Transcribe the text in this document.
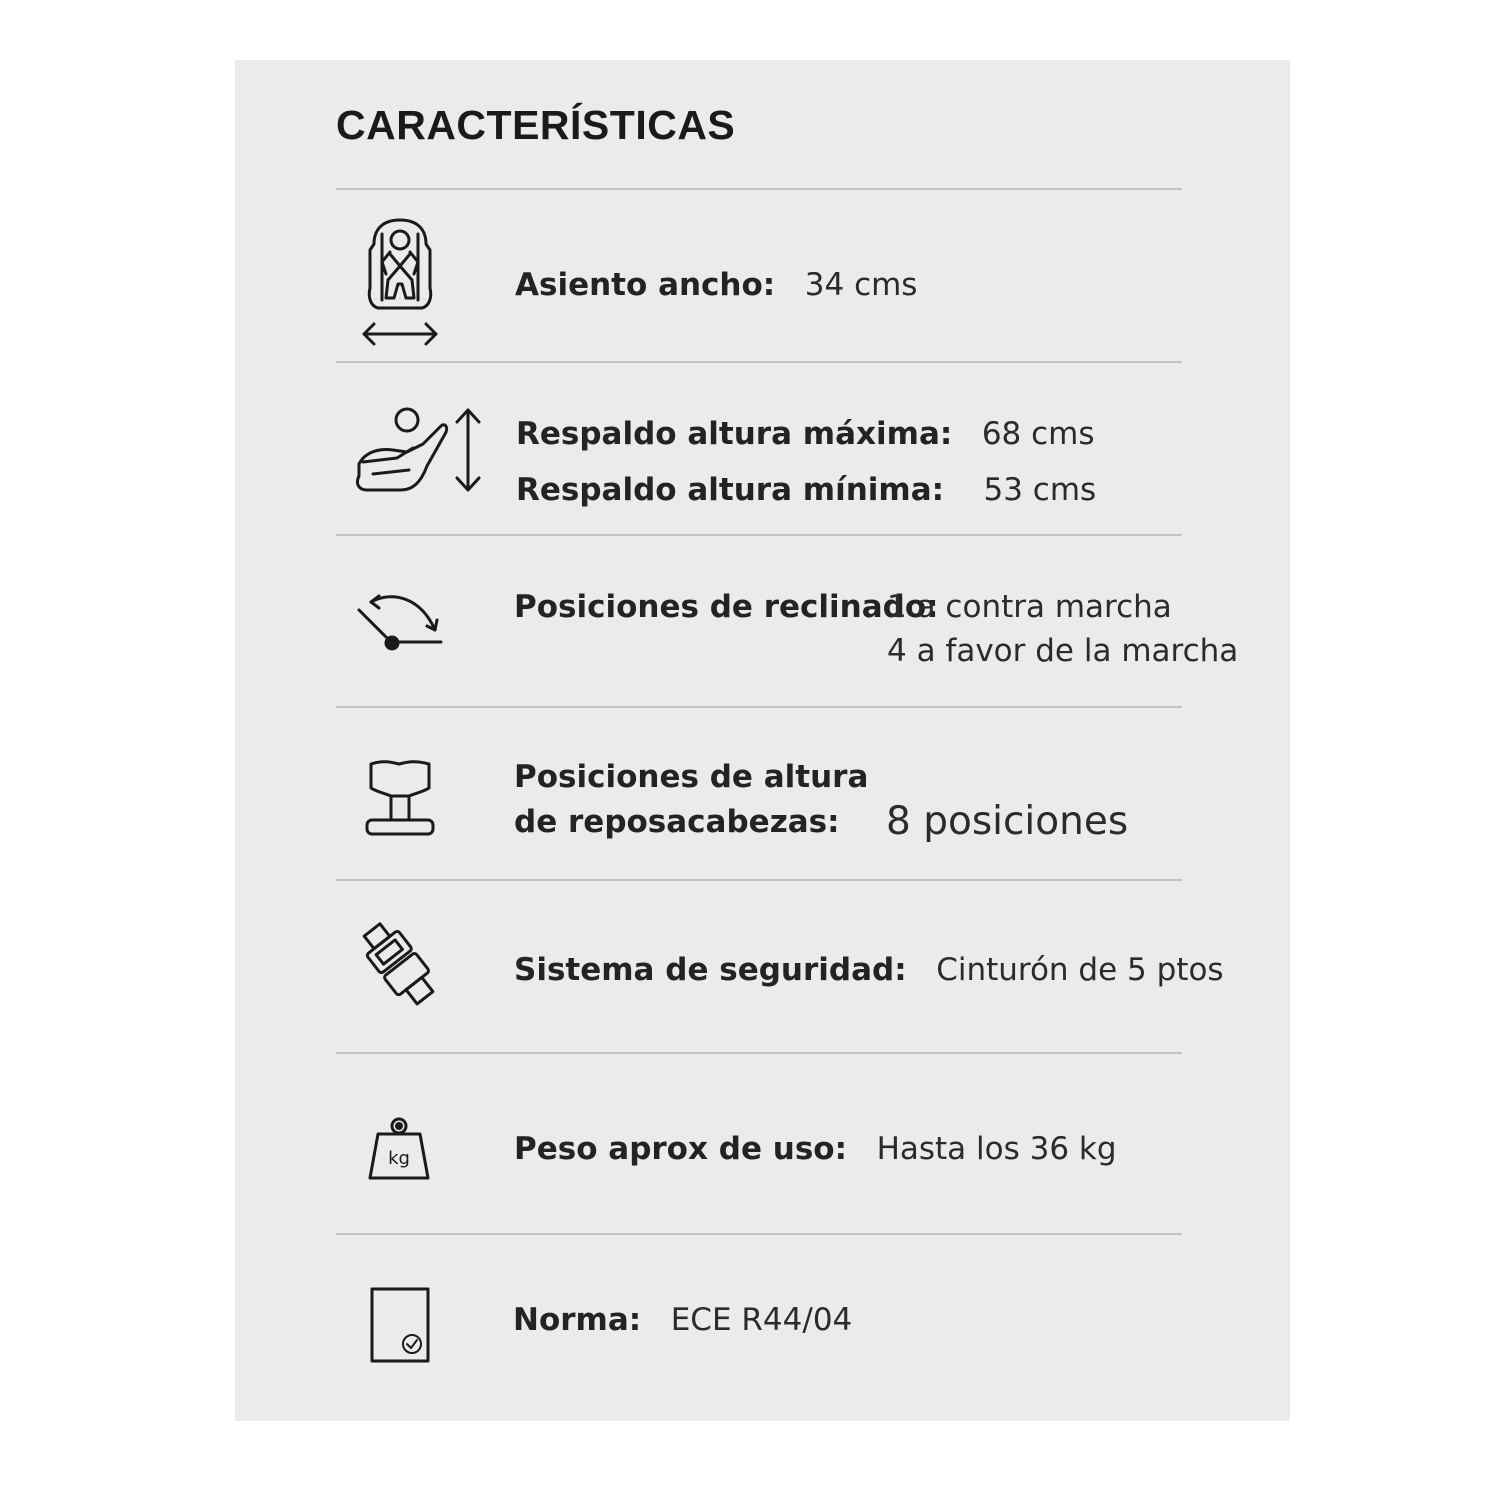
CARACTERÍSTICAS
Asiento ancho: 34 cms
Respaldo altura máxima: 68 cms
Respaldo altura mínima: 53 cms
Posiciones de reclinado:
1 a contra marcha
4 a favor de la marcha
Posiciones de altura
de reposacabezas: 8 posiciones
Sistema de seguridad: Cinturón de 5 ptos
kg	Peso aprox de uso: Hasta los 36 kg
Norma: ECE R44/04
